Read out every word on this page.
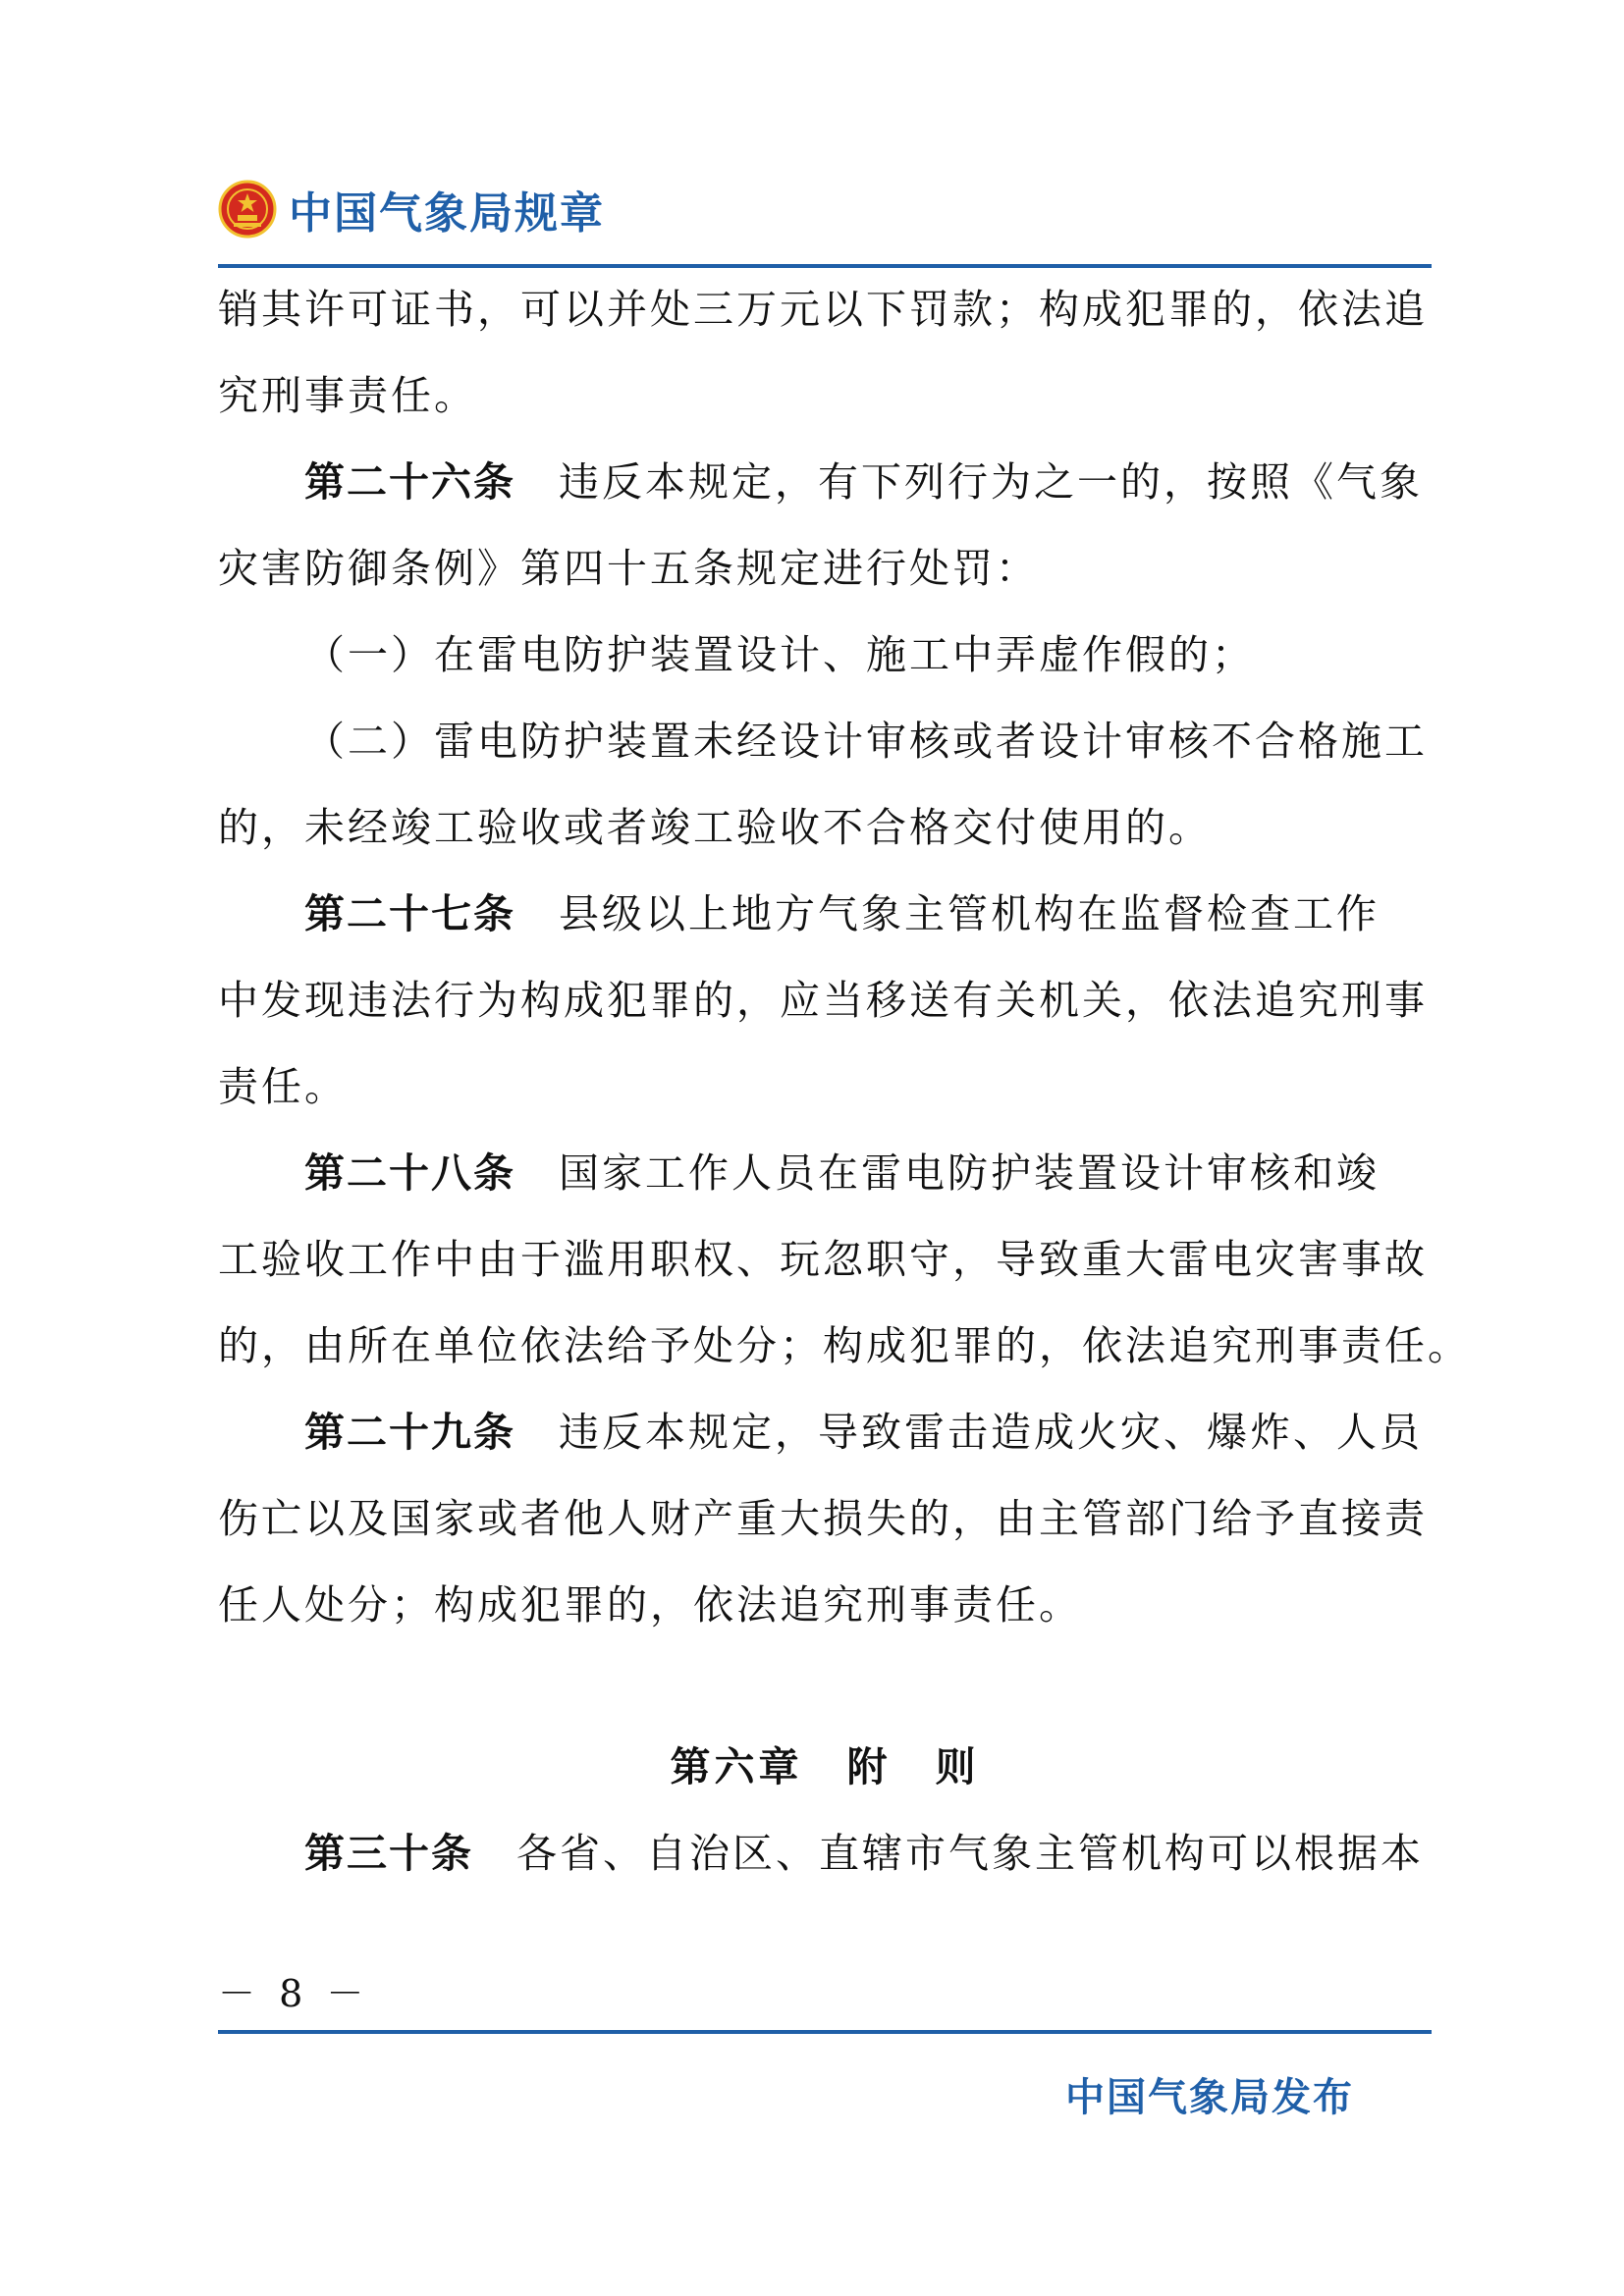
中国气象局规章
销其许可证书，可以并处三万元以下罚款；构成犯罪的，依法追
究刑事责任。
第二十六条 违反本规定，有下列行为之一的，按照《气象
灾害防御条例》第四十五条规定进行处罚：
（一）在雷电防护装置设计、施工中弄虚作假的；
（二）雷电防护装置未经设计审核或者设计审核不合格施工
的，未经竣工验收或者竣工验收不合格交付使用的。
第二十七条 县级以上地方气象主管机构在监督检查工作
中发现违法行为构成犯罪的，应当移送有关机关，依法追究刑事
责任。
第二十八条 国家工作人员在雷电防护装置设计审核和竣
工验收工作中由于滥用职权、玩忽职守，导致重大雷电灾害事故
的，由所在单位依法给予处分；构成犯罪的，依法追究刑事责任。
第二十九条 违反本规定，导致雷击造成火灾、爆炸、人员
伤亡以及国家或者他人财产重大损失的，由主管部门给予直接责
任人处分；构成犯罪的，依法追究刑事责任。
第六章　附　则
第三十条 各省、自治区、直辖市气象主管机构可以根据本
－ 8 －
中国气象局发布
